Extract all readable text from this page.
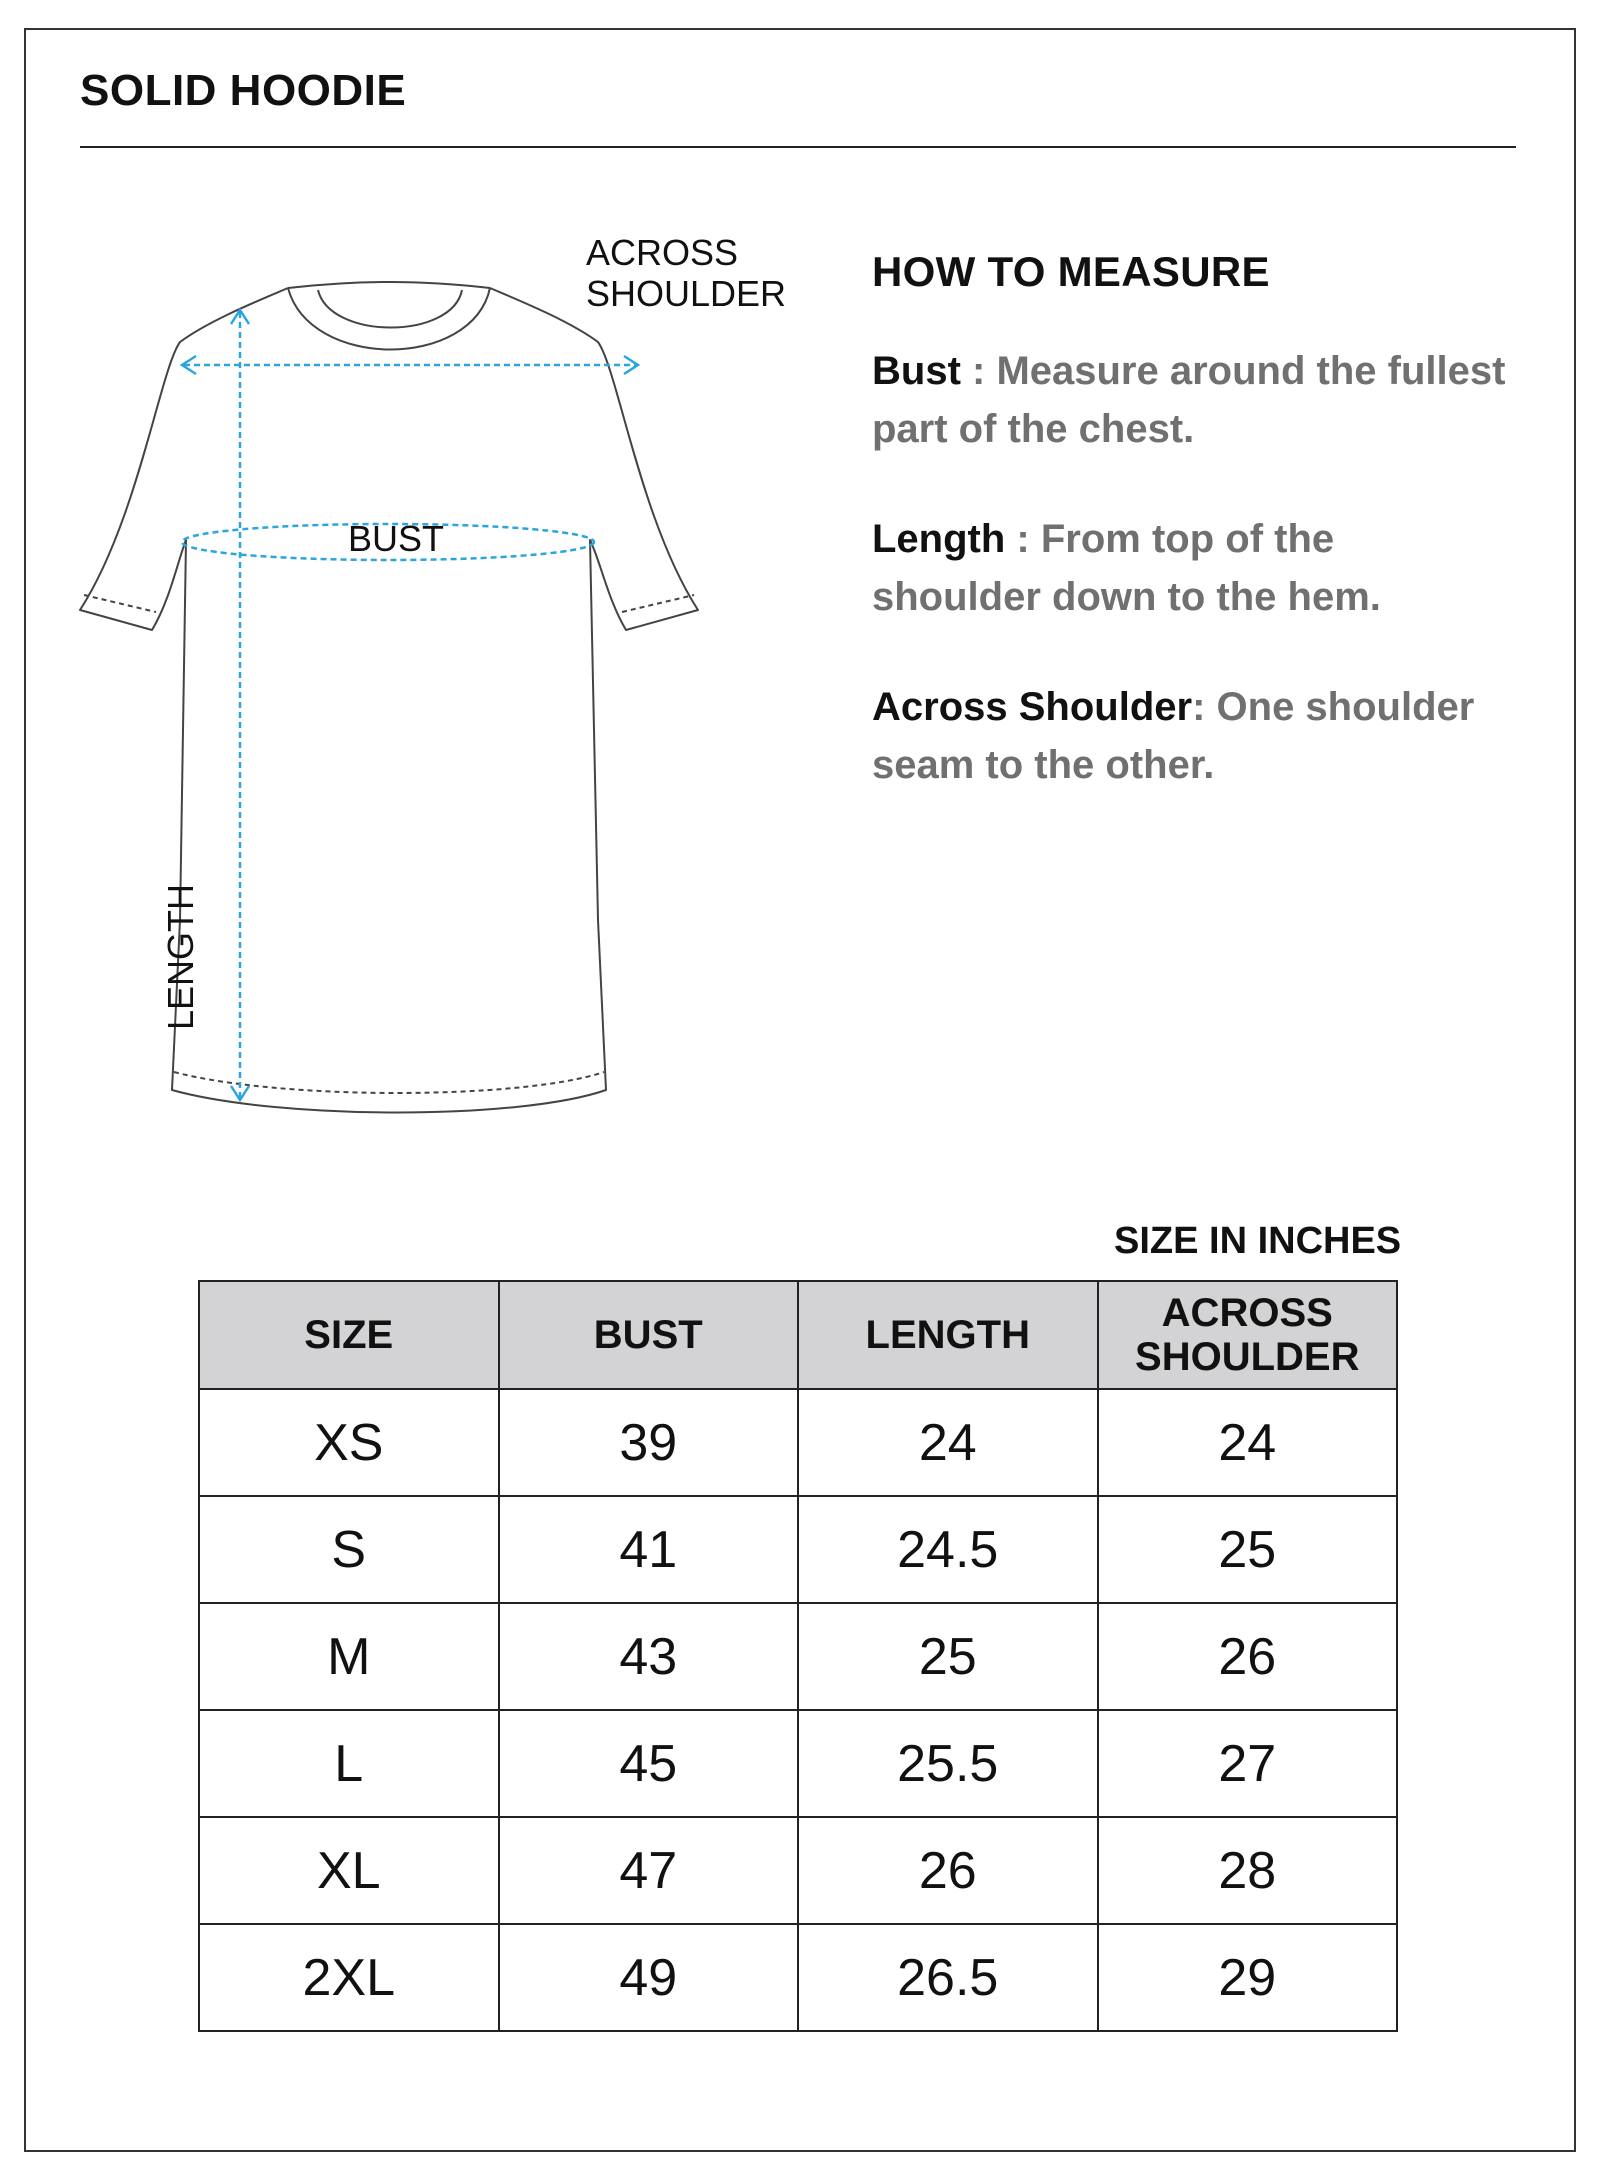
SOLID HOODIE
ACROSS
SHOULDER
BUST
LENGTH
HOW TO MEASURE

Bust : Measure around the fullest part of the chest.

Length : From top of the shoulder down to the hem.

Across Shoulder: One shoulder seam to the other.

SIZE IN INCHES
SIZE	BUST	LENGTH	ACROSS
SHOULDER
XS	39	24	24
S	41	24.5	25
M	43	25	26
L	45	25.5	27
XL	47	26	28
2XL	49	26.5	29
